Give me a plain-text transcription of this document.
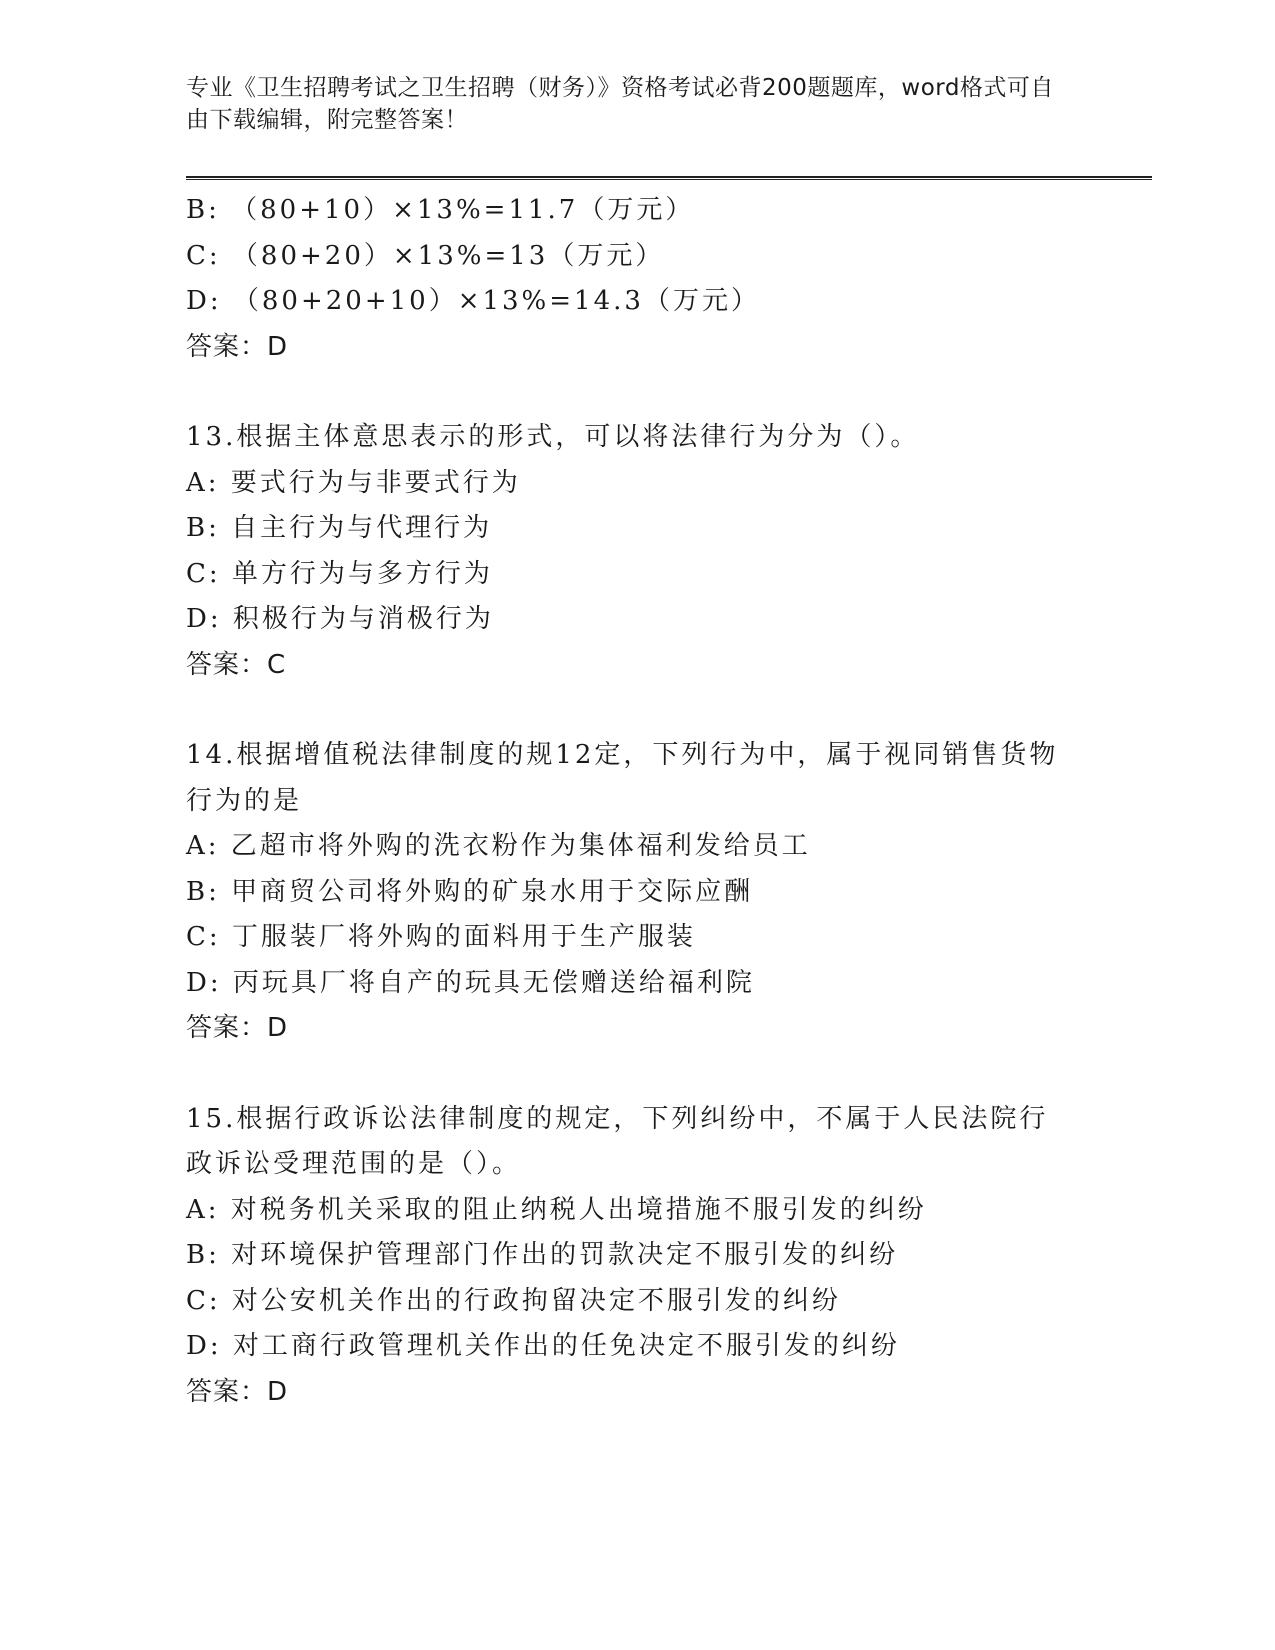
专业《卫生招聘考试之卫生招聘（财务）》资格考试必背200题题库，word格式可自由下载编辑，附完整答案！
B: （80+10）×13%=11.7（万元）
C: （80+20）×13%=13（万元）
D: （80+20+10）×13%=14.3（万元）
答案：D
13.根据主体意思表示的形式，可以将法律行为分为（）。
A: 要式行为与非要式行为
B: 自主行为与代理行为
C: 单方行为与多方行为
D: 积极行为与消极行为
答案：C
14.根据增值税法律制度的规12定，下列行为中，属于视同销售货物行为的是
A: 乙超市将外购的洗衣粉作为集体福利发给员工
B: 甲商贸公司将外购的矿泉水用于交际应酬
C: 丁服装厂将外购的面料用于生产服装
D: 丙玩具厂将自产的玩具无偿赠送给福利院
答案：D
15.根据行政诉讼法律制度的规定，下列纠纷中，不属于人民法院行政诉讼受理范围的是（）。
A: 对税务机关采取的阻止纳税人出境措施不服引发的纠纷
B: 对环境保护管理部门作出的罚款决定不服引发的纠纷
C: 对公安机关作出的行政拘留决定不服引发的纠纷
D: 对工商行政管理机关作出的任免决定不服引发的纠纷
答案：D
